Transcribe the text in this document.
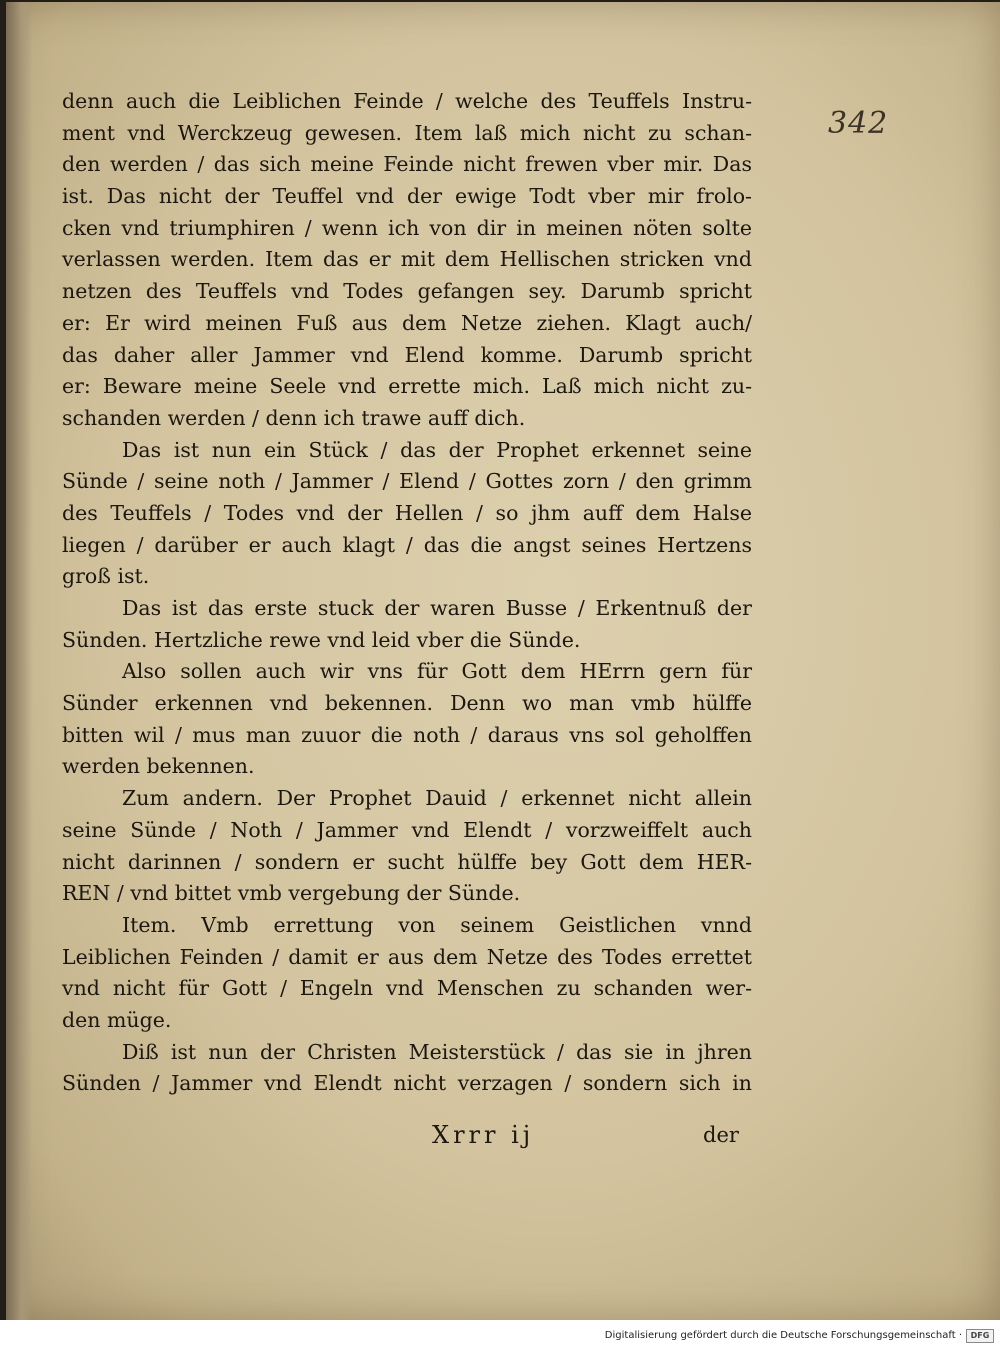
342
denn auch die Leiblichen Feinde / welche des Teuffels Instru-
ment vnd Werckzeug gewesen. Item laß mich nicht zu schan-
den werden / das sich meine Feinde nicht frewen vber mir. Das
ist. Das nicht der Teuffel vnd der ewige Todt vber mir frolo-
cken vnd triumphiren / wenn ich von dir in meinen nöten solte
verlassen werden. Item das er mit dem Hellischen stricken vnd
netzen des Teuffels vnd Todes gefangen sey. Darumb spricht
er: Er wird meinen Fuß aus dem Netze ziehen. Klagt auch/
das daher aller Jammer vnd Elend komme. Darumb spricht
er: Beware meine Seele vnd errette mich. Laß mich nicht zu-
schanden werden / denn ich trawe auff dich.
Das ist nun ein Stück / das der Prophet erkennet seine
Sünde / seine noth / Jammer / Elend / Gottes zorn / den grimm
des Teuffels / Todes vnd der Hellen / so jhm auff dem Halse
liegen / darüber er auch klagt / das die angst seines Hertzens
groß ist.
Das ist das erste stuck der waren Busse / Erkentnuß der
Sünden. Hertzliche rewe vnd leid vber die Sünde.
Also sollen auch wir vns für Gott dem HErrn gern für
Sünder erkennen vnd bekennen. Denn wo man vmb hülffe
bitten wil / mus man zuuor die noth / daraus vns sol geholffen
werden bekennen.
Zum andern. Der Prophet Dauid / erkennet nicht allein
seine Sünde / Noth / Jammer vnd Elendt / vorzweiffelt auch
nicht darinnen / sondern er sucht hülffe bey Gott dem HER-
REN / vnd bittet vmb vergebung der Sünde.
Item. Vmb errettung von seinem Geistlichen vnnd
Leiblichen Feinden / damit er aus dem Netze des Todes errettet
vnd nicht für Gott / Engeln vnd Menschen zu schanden wer-
den müge.
Diß ist nun der Christen Meisterstück / das sie in jhren
Sünden / Jammer vnd Elendt nicht verzagen / sondern sich in
Xrrr ij	der
Digitalisierung gefördert durch die Deutsche Forschungsgemeinschaft ·	DFG
